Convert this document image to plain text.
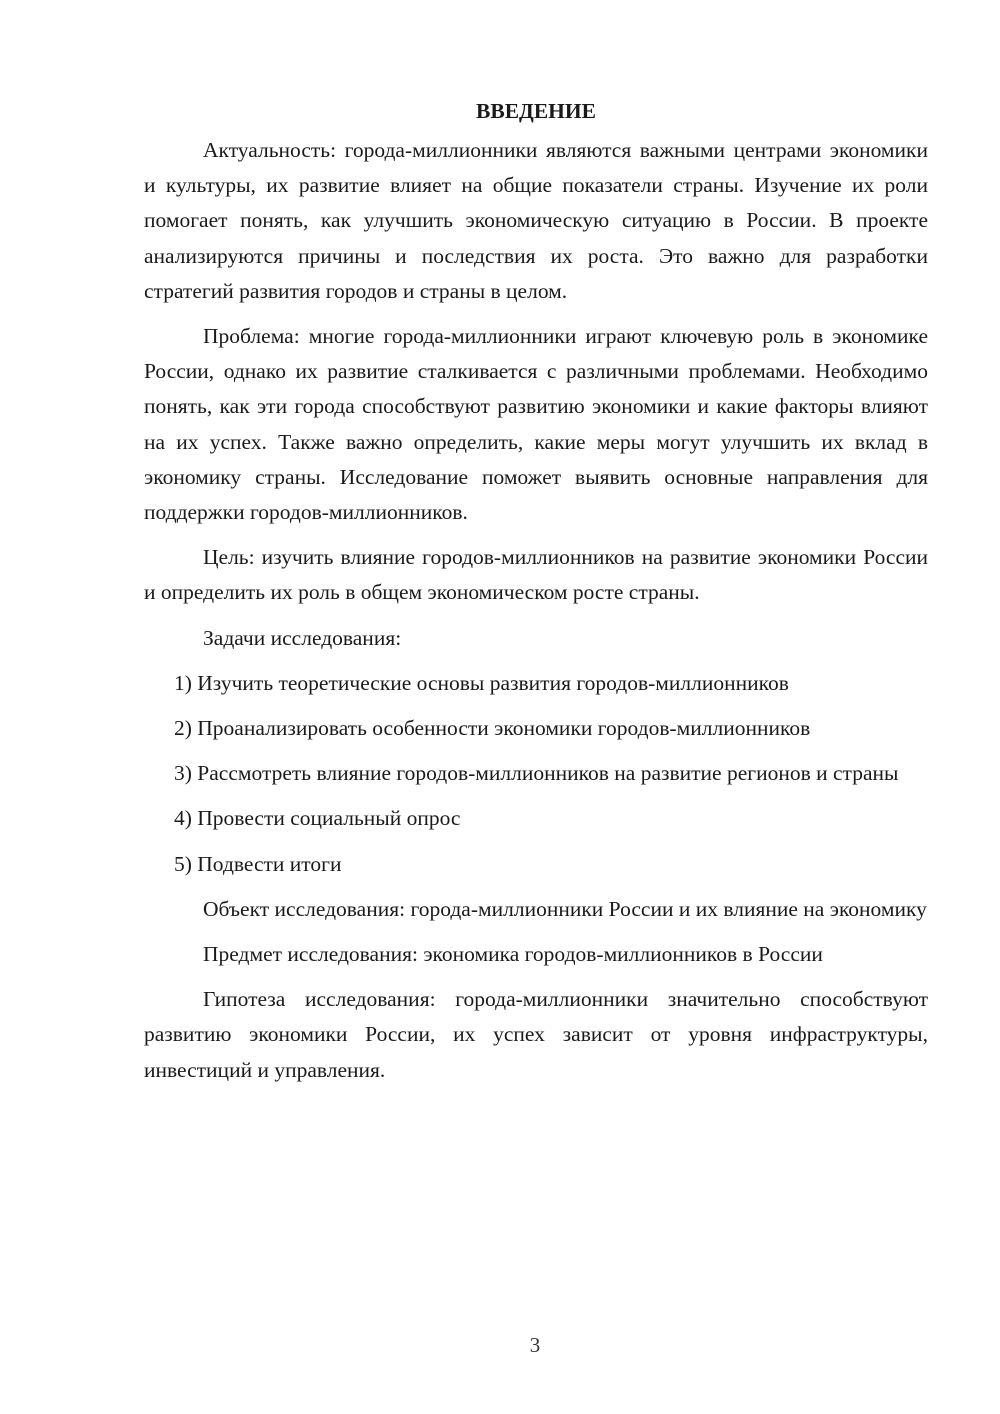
ВВЕДЕНИЕ

Актуальность: города-миллионники являются важными центрами экономики и культуры, их развитие влияет на общие показатели страны. Изучение их роли помогает понять, как улучшить экономическую ситуацию в России. В проекте анализируются причины и последствия их роста. Это важно для разработки стратегий развития городов и страны в целом.

Проблема: многие города-миллионники играют ключевую роль в экономике России, однако их развитие сталкивается с различными проблемами. Необходимо понять, как эти города способствуют развитию экономики и какие факторы влияют на их успех. Также важно определить, какие меры могут улучшить их вклад в экономику страны. Исследование поможет выявить основные направления для поддержки городов-миллионников.

Цель: изучить влияние городов-миллионников на развитие экономики России и определить их роль в общем экономическом росте страны.

Задачи исследования:

1) Изучить теоретические основы развития городов-миллионников

2) Проанализировать особенности экономики городов-миллионников

3) Рассмотреть влияние городов-миллионников на развитие регионов и страны

4) Провести социальный опрос

5) Подвести итоги

Объект исследования: города-миллионники России и их влияние на экономику

Предмет исследования: экономика городов-миллионников в России

Гипотеза исследования: города-миллионники значительно способствуют развитию экономики России, их успех зависит от уровня инфраструктуры, инвестиций и управления.

3
